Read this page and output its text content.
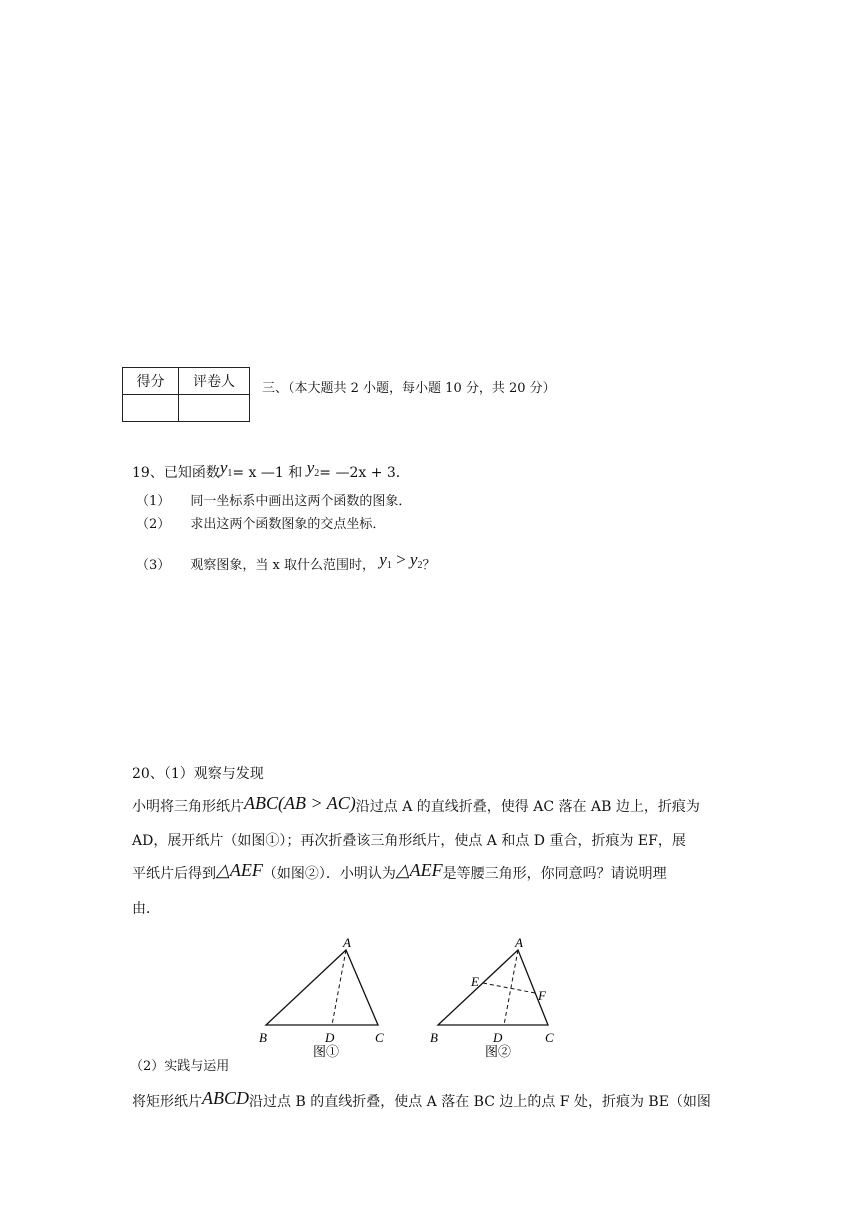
得分	评卷人
	三、（本大题共 2 小题，每小题 10 分，共 20 分）
19、已知函数$y_1= x$ —1 和 $y_2=$ —2x + 3．
（1） 同一坐标系中画出这两个函数的图象．
（2） 求出这两个函数图象的交点坐标．
（3） 观察图象，当 x 取什么范围时， $y_1 > y_2$？
20、（1）观察与发现
小明将三角形纸片ABC(AB > AC)沿过点 A 的直线折叠，使得 AC 落在 AB 边上，折痕为
AD，展开纸片（如图①）；再次折叠该三角形纸片，使点 A 和点 D 重合，折痕为 EF，展
平纸片后得到△AEF（如图②）．小明认为△AEF是等腰三角形，你同意吗？请说明理
由．
A
B	D	C
图①
A
E
F
B	D	C
图②
（2）实践与运用
将矩形纸片ABCD沿过点 B 的直线折叠，使点 A 落在 BC 边上的点 F 处，折痕为 BE（如图
